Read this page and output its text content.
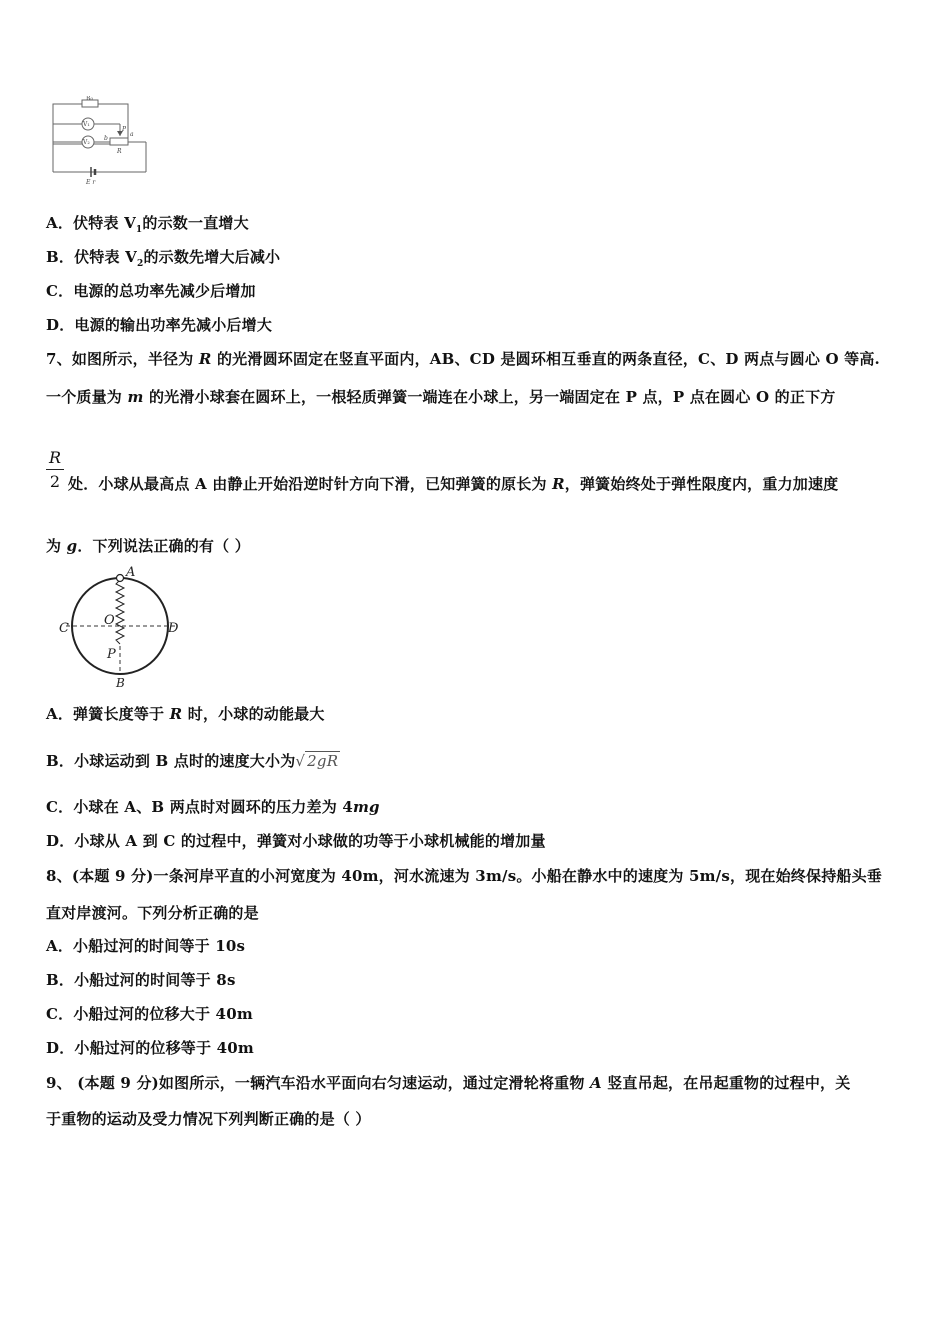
R₀
V₁
V₂
P
a
b
R
E r
A．伏特表 $V_1$的示数一直增大
B．伏特表 $V_2$的示数先增大后减小
C．电源的总功率先减少后增加
D．电源的输出功率先减小后增大
7、如图所示，半径为 R 的光滑圆环固定在竖直平面内，AB、CD 是圆环相互垂直的两条直径，C、D 两点与圆心 O 等高.
一个质量为 m 的光滑小球套在圆环上，一根轻质弹簧一端连在小球上，另一端固定在 P 点，P 点在圆心 O 的正下方
$\frac{R}{2}$ 处．小球从最高点 A 由静止开始沿逆时针方向下滑，已知弹簧的原长为 R，弹簧始终处于弹性限度内，重力加速度
为 g．下列说法正确的有（ ）
A
C	D
O
P
B
A．弹簧长度等于 R 时，小球的动能最大
B．小球运动到 B 点时的速度大小为√ 2gR
C．小球在 A、B 两点时对圆环的压力差为 4mg
D．小球从 A 到 C 的过程中，弹簧对小球做的功等于小球机械能的增加量
8、(本题 9 分)一条河岸平直的小河宽度为 40m，河水流速为 3m/s。小船在静水中的速度为 5m/s，现在始终保持船头垂
直对岸渡河。下列分析正确的是
A．小船过河的时间等于 10s
B．小船过河的时间等于 8s
C．小船过河的位移大于 40m
D．小船过河的位移等于 40m
9、 (本题 9 分)如图所示，一辆汽车沿水平面向右匀速运动，通过定滑轮将重物 A 竖直吊起，在吊起重物的过程中，关
于重物的运动及受力情况下列判断正确的是（ ）
